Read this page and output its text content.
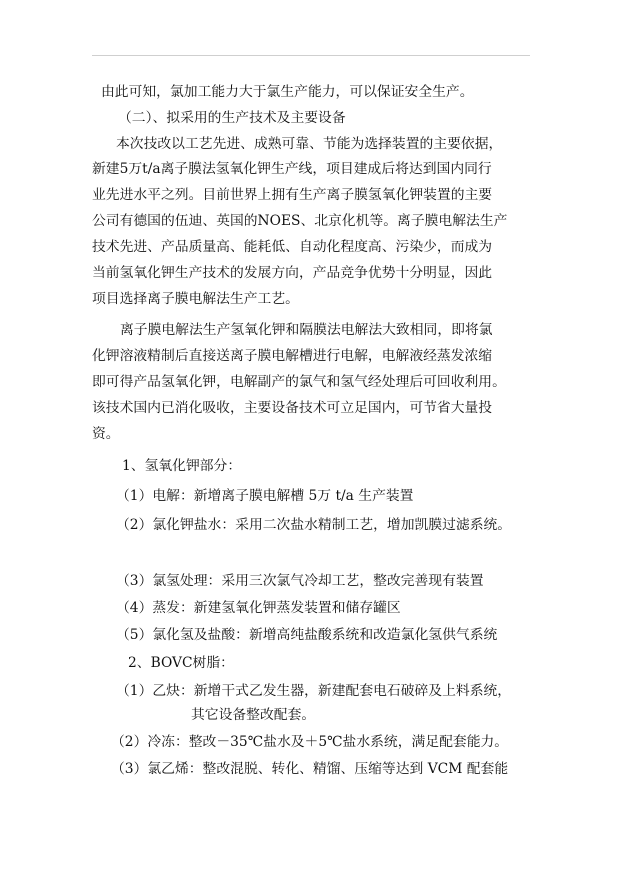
由此可知，氯加工能力大于氯生产能力，可以保证安全生产。
（二）、拟采用的生产技术及主要设备
本次技改以工艺先进、成熟可靠、节能为选择装置的主要依据，
新建5万t/a离子膜法氢氧化钾生产线，项目建成后将达到国内同行
业先进水平之列。目前世界上拥有生产离子膜氢氧化钾装置的主要
公司有德国的伍迪、英国的NOES、北京化机等。离子膜电解法生产
技术先进、产品质量高、能耗低、自动化程度高、污染少，而成为
当前氢氧化钾生产技术的发展方向，产品竞争优势十分明显，因此
项目选择离子膜电解法生产工艺。
离子膜电解法生产氢氧化钾和隔膜法电解法大致相同，即将氯
化钾溶液精制后直接送离子膜电解槽进行电解，电解液经蒸发浓缩
即可得产品氢氧化钾，电解副产的氯气和氢气经处理后可回收利用。
该技术国内已消化吸收，主要设备技术可立足国内，可节省大量投
资。
1、氢氧化钾部分：
（1）电解：新增离子膜电解槽 5万 t/a 生产装置
（2）氯化钾盐水：采用二次盐水精制工艺，增加凯膜过滤系统。
（3）氯氢处理：采用三次氯气冷却工艺，整改完善现有装置
（4）蒸发：新建氢氧化钾蒸发装置和储存罐区
（5）氯化氢及盐酸：新增高纯盐酸系统和改造氯化氢供气系统
2、BOVC树脂：
（1）乙炔：新增干式乙发生器，新建配套电石破碎及上料系统，
其它设备整改配套。
（2）冷冻：整改－35℃盐水及＋5℃盐水系统，满足配套能力。
（3）氯乙烯：整改混脱、转化、精馏、压缩等达到 VCM 配套能
